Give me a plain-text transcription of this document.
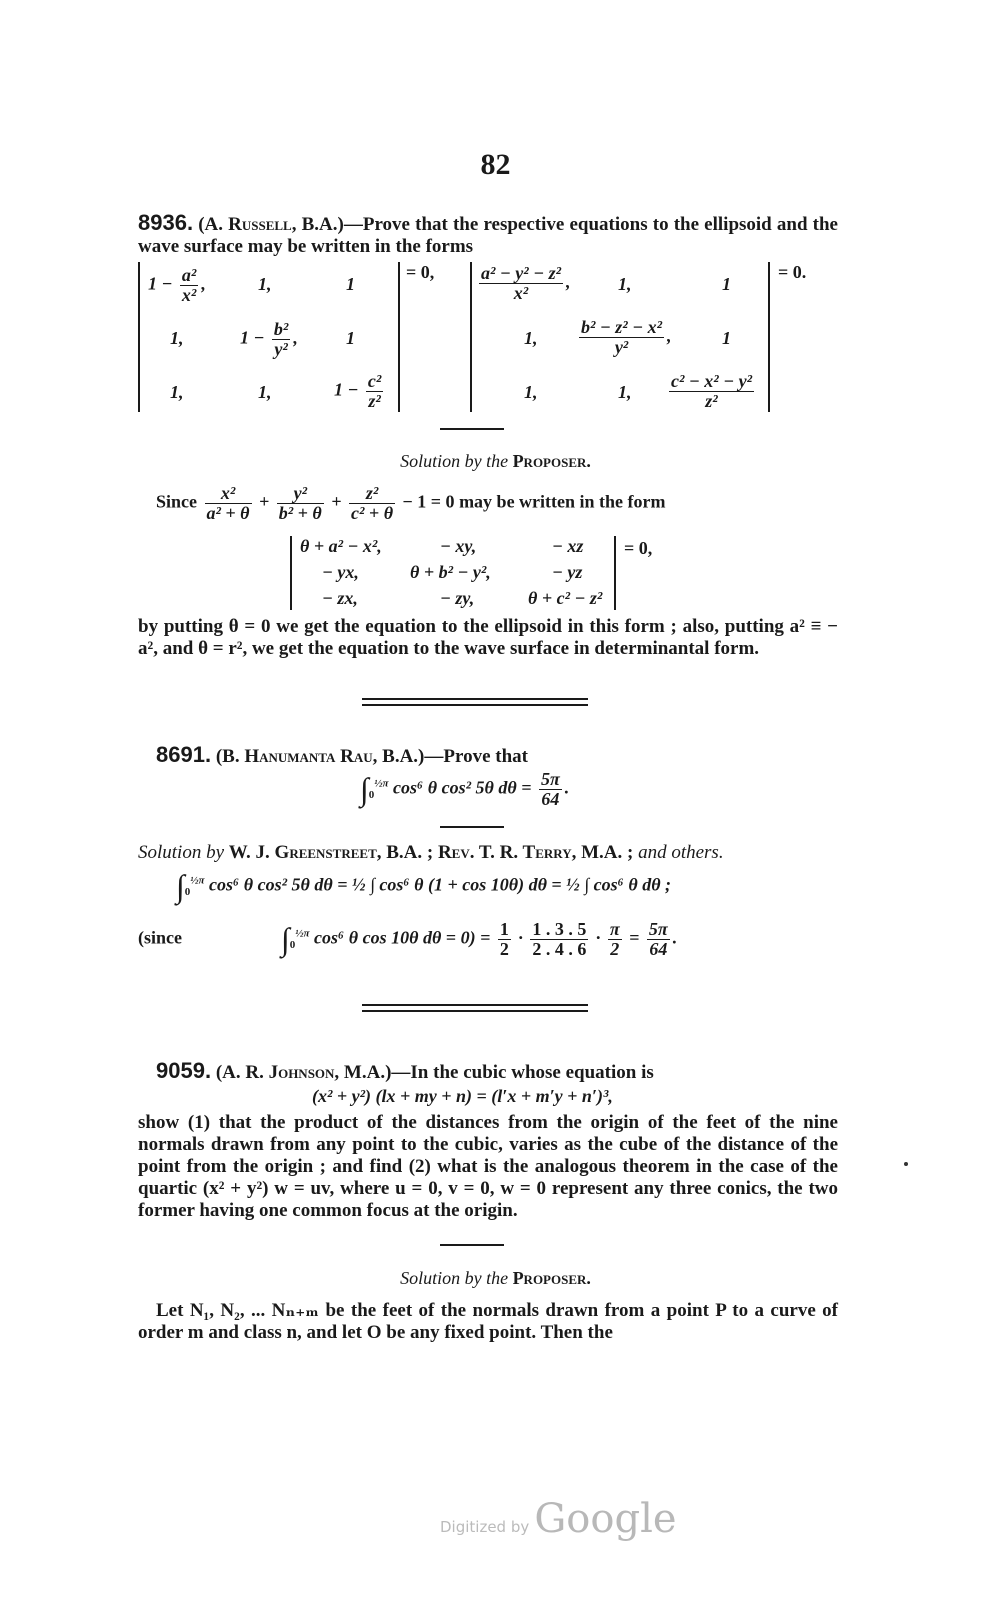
82
8936. (A. Russell, B.A.)—Prove that the respective equations to the ellipsoid and the wave surface may be written in the forms
$1 - \frac{\text{a²}}{\text{x²}}$ ,	1,	1
1,	$1 - \frac{\text{b²}}{\text{y²}}$ ,	1
1,	1,	$1 - \frac{\text{c²}}{\text{z²}}$
= 0, $\frac{\text{a² − y² − z²}}{\text{x²}}$ ,	1,	1
1, $\frac{\text{b² − z² − x²}}{\text{y²}}$ ,	1
1,	1, $\frac{\text{c² − x² − y²}}{\text{z²}}$
= 0.
Solution by the Proposer.
Since $\frac{\text{x²}}{\text{a² + θ}} + \frac{\text{y²}}{\text{b² + θ}} + \frac{\text{z²}}{\text{c² + θ}} - 1 = 0$ may be written in the form
θ + a² − x²,	− xy,	− xz
− yx,	θ + b² − y²,	− yz
− zx,	− zy,	θ + c² − z²
= 0,
by putting θ = 0 we get the equation to the ellipsoid in this form ; also, putting a² ≡ − a², and θ = r², we get the equation to the wave surface in determinantal form.
8691. (B. Hanumanta Rau, B.A.)—Prove that
$\int_0^{\frac{1}{2}\pi}$ cos⁶ θ cos² 5θ $d\theta = \frac{5\pi}{64}$ .
Solution by W. J. Greenstreet, B.A. ; Rev. T. R. Terry, M.A. ; and others.
$\int_0^{\frac{1}{2}\pi}$ cos⁶ θ cos² 5θ dθ = ½ ∫ cos⁶ θ (1 + cos 10θ) dθ = ½ ∫ cos⁶ θ dθ ;
(since	$\int_0^{\frac{1}{2}\pi}$ cos⁶ θ cos 10θ $d\theta = 0) = \frac{1}{2} \cdot \frac{1 . 3 . 5}{2 . 4 . 6} \cdot \frac{\pi}{2} = \frac{5\pi}{64}$ .
9059. (A. R. Johnson, M.A.)—In the cubic whose equation is
(x² + y²) (lx + my + n) = (l′x + m′y + n′)³,
show (1) that the product of the distances from the origin of the feet of the nine normals drawn from any point to the cubic, varies as the cube of the distance of the point from the origin ; and find (2) what is the analogous theorem in the case of the quartic (x² + y²) w = uv, where u = 0, v = 0, w = 0 represent any three conics, the two former having one common focus at the origin.
Solution by the Proposer.
Let N₁, N₂, ... Nₙ₊ₘ be the feet of the normals drawn from a point P to a curve of order m and class n, and let O be any fixed point. Then the
Digitized by Google
